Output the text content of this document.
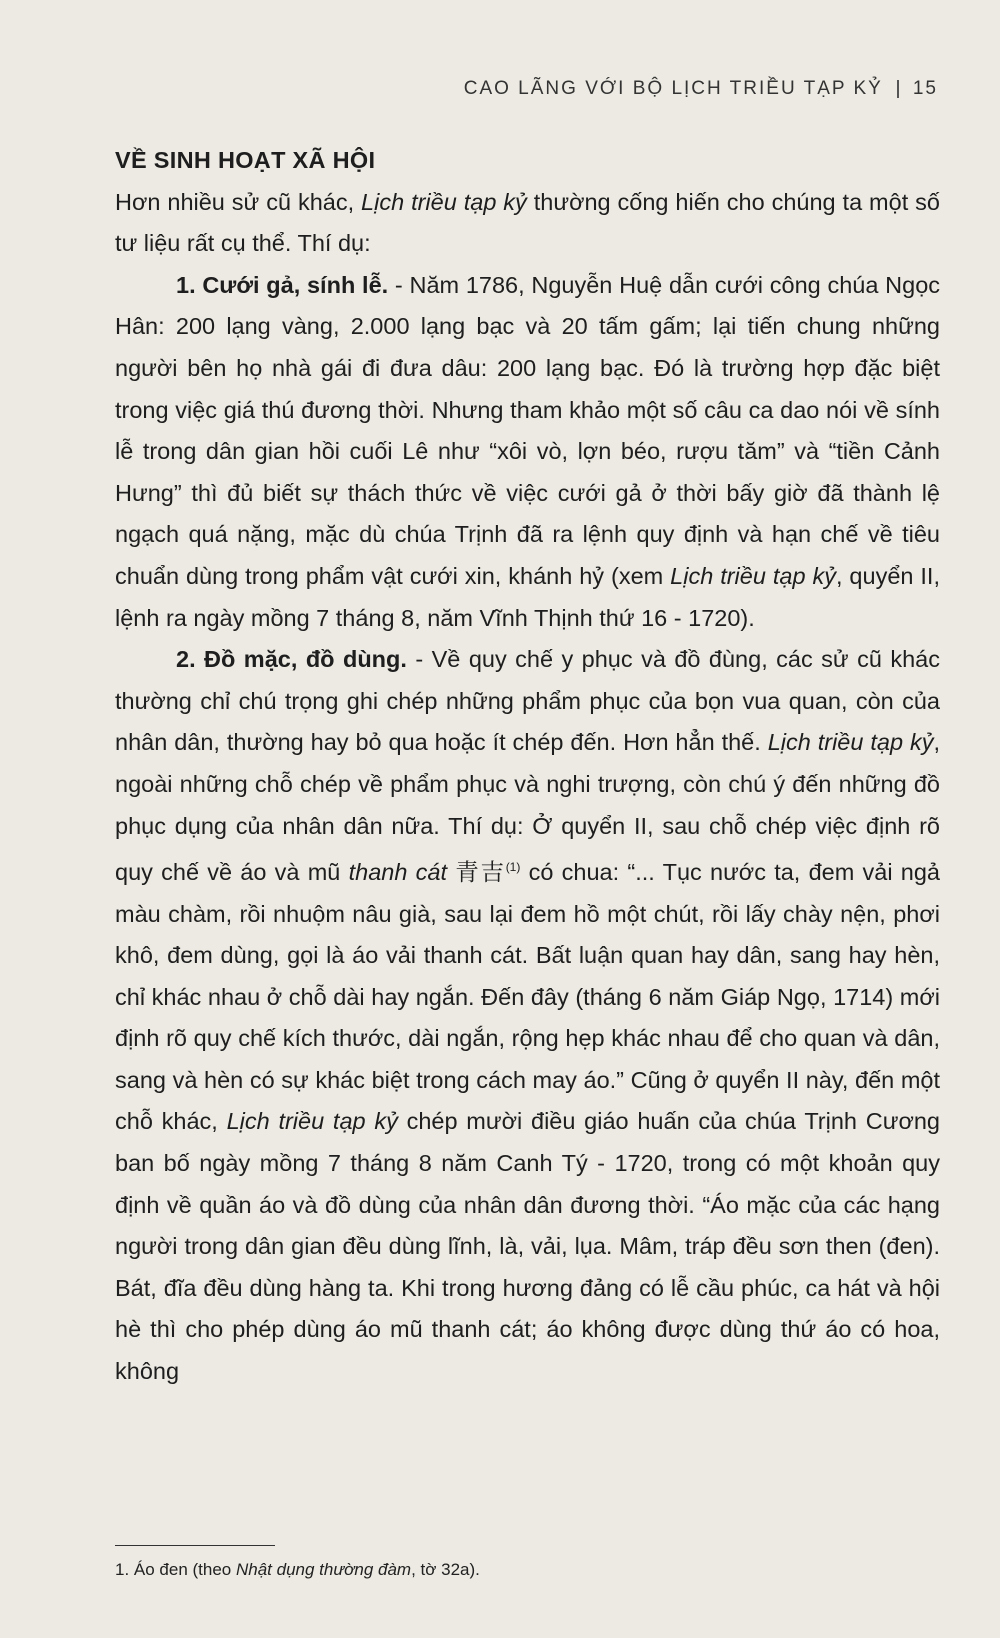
CAO LÃNG VỚI BỘ LỊCH TRIỀU TẠP KỶ 15

VỀ SINH HOẠT XÃ HỘI

Hơn nhiều sử cũ khác, Lịch triều tạp kỷ thường cống hiến cho chúng ta một số tư liệu rất cụ thể. Thí dụ:

1. Cưới gả, sính lễ. - Năm 1786, Nguyễn Huệ dẫn cưới công chúa Ngọc Hân: 200 lạng vàng, 2.000 lạng bạc và 20 tấm gấm; lại tiến chung những người bên họ nhà gái đi đưa dâu: 200 lạng bạc. Đó là trường hợp đặc biệt trong việc giá thú đương thời. Nhưng tham khảo một số câu ca dao nói về sính lễ trong dân gian hồi cuối Lê như “xôi vò, lợn béo, rượu tăm” và “tiền Cảnh Hưng” thì đủ biết sự thách thức về việc cưới gả ở thời bấy giờ đã thành lệ ngạch quá nặng, mặc dù chúa Trịnh đã ra lệnh quy định và hạn chế về tiêu chuẩn dùng trong phẩm vật cưới xin, khánh hỷ (xem Lịch triều tạp kỷ, quyển II, lệnh ra ngày mồng 7 tháng 8, năm Vĩnh Thịnh thứ 16 - 1720).

2. Đồ mặc, đồ dùng. - Về quy chế y phục và đồ đùng, các sử cũ khác thường chỉ chú trọng ghi chép những phẩm phục của bọn vua quan, còn của nhân dân, thường hay bỏ qua hoặc ít chép đến. Hơn hẳn thế. Lịch triều tạp kỷ, ngoài những chỗ chép về phẩm phục và nghi trượng, còn chú ý đến những đồ phục dụng của nhân dân nữa. Thí dụ: Ở quyển II, sau chỗ chép việc định rõ quy chế về áo và mũ thanh cát 青吉$^{(1)}$ có chua: “... Tục nước ta, đem vải ngả màu chàm, rồi nhuộm nâu già, sau lại đem hồ một chút, rồi lấy chày nện, phơi khô, đem dùng, gọi là áo vải thanh cát. Bất luận quan hay dân, sang hay hèn, chỉ khác nhau ở chỗ dài hay ngắn. Đến đây (tháng 6 năm Giáp Ngọ, 1714) mới định rõ quy chế kích thước, dài ngắn, rộng hẹp khác nhau để cho quan và dân, sang và hèn có sự khác biệt trong cách may áo.” Cũng ở quyển II này, đến một chỗ khác, Lịch triều tạp kỷ chép mười điều giáo huấn của chúa Trịnh Cương ban bố ngày mồng 7 tháng 8 năm Canh Tý - 1720, trong có một khoản quy định về quần áo và đồ dùng của nhân dân đương thời. “Áo mặc của các hạng người trong dân gian đều dùng lĩnh, là, vải, lụa. Mâm, tráp đều sơn then (đen). Bát, đĩa đều dùng hàng ta. Khi trong hương đảng có lễ cầu phúc, ca hát và hội hè thì cho phép dùng áo mũ thanh cát; áo không được dùng thứ áo có hoa, không

1. Áo đen (theo Nhật dụng thường đàm, tờ 32a).
